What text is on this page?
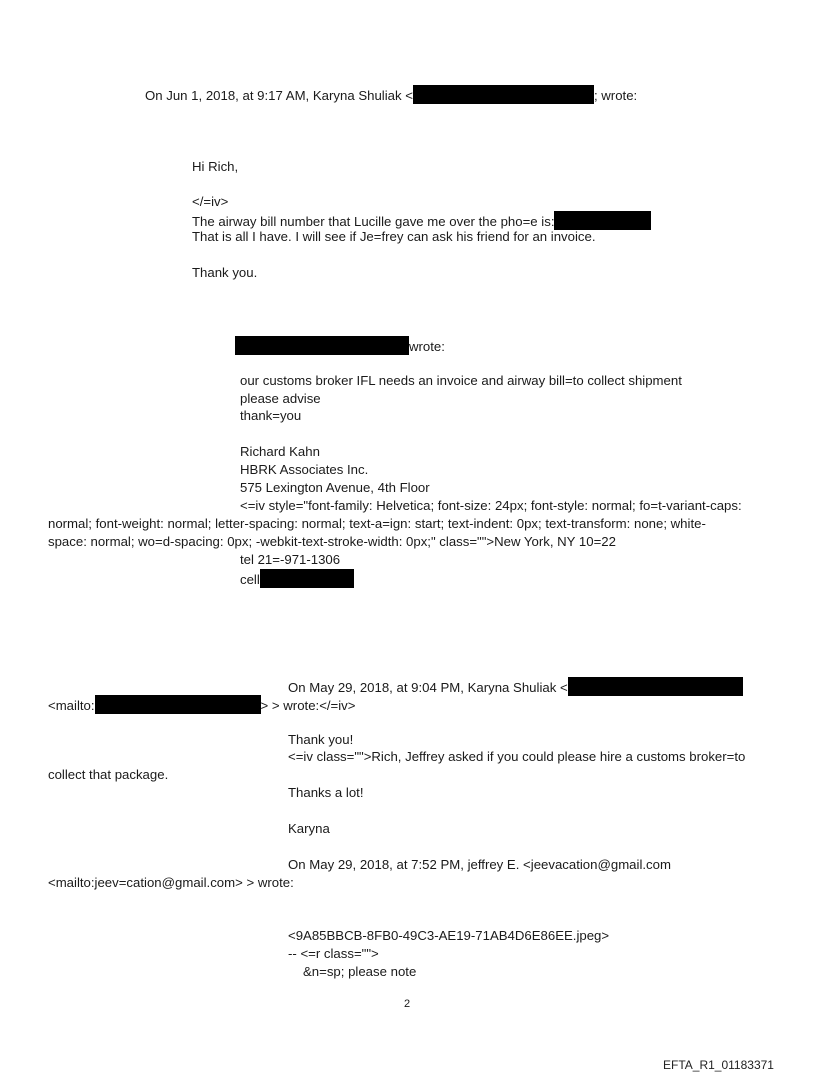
On Jun 1, 2018, at 9:17 AM, Karyna Shuliak <	; wrote:
Hi Rich,
</=iv>
The airway bill number that Lucille gave me over the pho=e is:
That is all I have. I will see if Je=frey can ask his friend for an invoice.
Thank you.
wrote:
our customs broker IFL needs an invoice and airway bill=to collect shipment
please advise
thank=you
Richard Kahn
HBRK Associates Inc.
575 Lexington Avenue, 4th Floor
<=iv style="font-family: Helvetica; font-size: 24px; font-style: normal; fo=t-variant-caps:
normal; font-weight: normal; letter-spacing: normal; text-a=ign: start; text-indent: 0px; text-transform: none; white-
space: normal; wo=d-spacing: 0px; -webkit-text-stroke-width: 0px;" class="">New York, NY 10=22
tel 21=-971-1306
cell
On May 29, 2018, at 9:04 PM, Karyna Shuliak <
<mailto:	> > wrote:</=iv>
Thank you!
<=iv class="">Rich, Jeffrey asked if you could please hire a customs broker=to
collect that package.
Thanks a lot!
Karyna
On May 29, 2018, at 7:52 PM, jeffrey E. <jeevacation@gmail.com
<mailto:jeev=cation@gmail.com> > wrote:
<9A85BBCB-8FB0-49C3-AE19-71AB4D6E86EE.jpeg>
-- <=r class="">
&n=sp; please note
2
EFTA_R1_01183371
